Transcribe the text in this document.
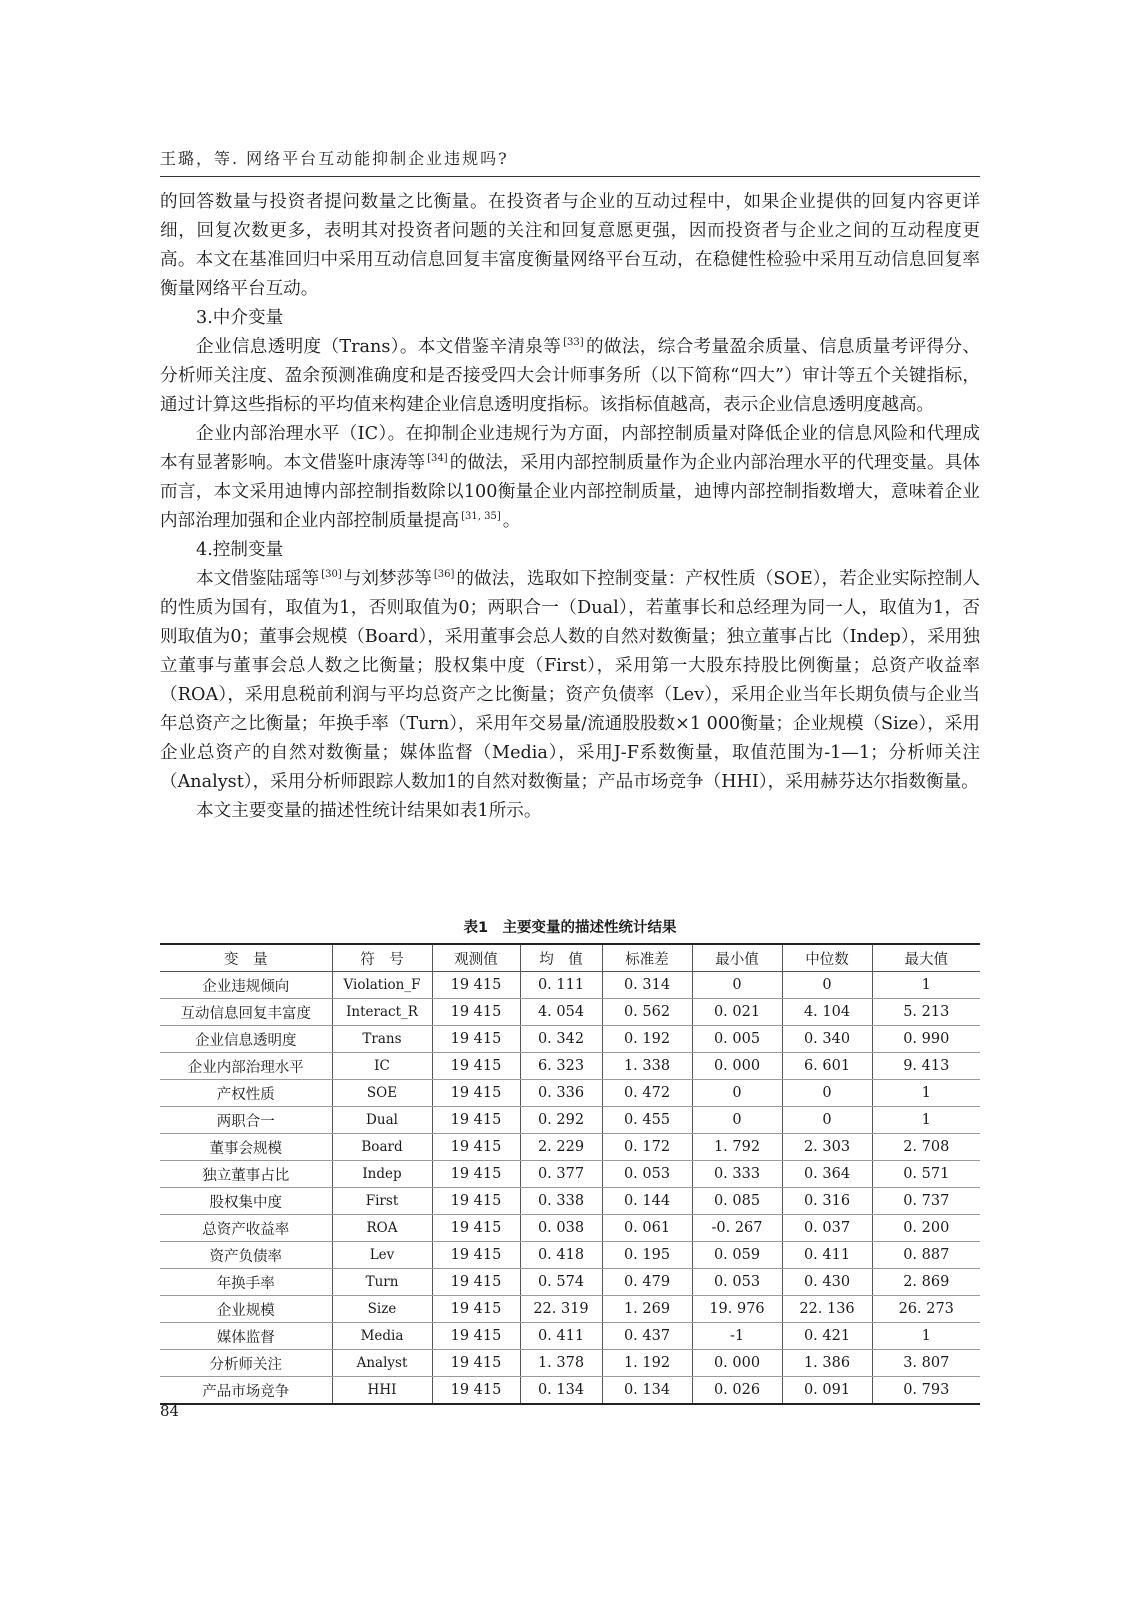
王璐，等. 网络平台互动能抑制企业违规吗?

的回答数量与投资者提问数量之比衡量。在投资者与企业的互动过程中，如果企业提供的回复内容更详细，回复次数更多，表明其对投资者问题的关注和回复意愿更强，因而投资者与企业之间的互动程度更高。本文在基准回归中采用互动信息回复丰富度衡量网络平台互动，在稳健性检验中采用互动信息回复率衡量网络平台互动。

3.中介变量

企业信息透明度（Trans）。本文借鉴辛清泉等 [33] 的做法，综合考量盈余质量、信息质量考评得分、分析师关注度、盈余预测准确度和是否接受四大会计师事务所（以下简称“四大”）审计等五个关键指标，通过计算这些指标的平均值来构建企业信息透明度指标。该指标值越高，表示企业信息透明度越高。

企业内部治理水平（IC）。在抑制企业违规行为方面，内部控制质量对降低企业的信息风险和代理成本有显著影响。本文借鉴叶康涛等 [34] 的做法，采用内部控制质量作为企业内部治理水平的代理变量。具体而言，本文采用迪博内部控制指数除以100衡量企业内部控制质量，迪博内部控制指数增大，意味着企业内部治理加强和企业内部控制质量提高 [31, 35] 。

4.控制变量

本文借鉴陆瑶等 [30] 与刘梦莎等 [36] 的做法，选取如下控制变量：产权性质（SOE），若企业实际控制人的性质为国有，取值为1，否则取值为0；两职合一（Dual），若董事长和总经理为同一人，取值为1，否则取值为0；董事会规模（Board），采用董事会总人数的自然对数衡量；独立董事占比（Indep），采用独立董事与董事会总人数之比衡量；股权集中度（First），采用第一大股东持股比例衡量；总资产收益率（ROA），采用息税前利润与平均总资产之比衡量；资产负债率（Lev），采用企业当年长期负债与企业当年总资产之比衡量；年换手率（Turn），采用年交易量/流通股股数×1 000衡量；企业规模（Size），采用企业总资产的自然对数衡量；媒体监督（Media），采用J-F系数衡量，取值范围为-1—1；分析师关注（Analyst），采用分析师跟踪人数加1的自然对数衡量；产品市场竞争（HHI），采用赫芬达尔指数衡量。

本文主要变量的描述性统计结果如表1所示。

表1　主要变量的描述性统计结果
变　量	符　号	观测值	均　值	标准差	最小值	中位数	最大值
企业违规倾向	Violation_F	19 415	0. 111	0. 314	0	0	1
互动信息回复丰富度	Interact_R	19 415	4. 054	0. 562	0. 021	4. 104	5. 213
企业信息透明度	Trans	19 415	0. 342	0. 192	0. 005	0. 340	0. 990
企业内部治理水平	IC	19 415	6. 323	1. 338	0. 000	6. 601	9. 413
产权性质	SOE	19 415	0. 336	0. 472	0	0	1
两职合一	Dual	19 415	0. 292	0. 455	0	0	1
董事会规模	Board	19 415	2. 229	0. 172	1. 792	2. 303	2. 708
独立董事占比	Indep	19 415	0. 377	0. 053	0. 333	0. 364	0. 571
股权集中度	First	19 415	0. 338	0. 144	0. 085	0. 316	0. 737
总资产收益率	ROA	19 415	0. 038	0. 061	-0. 267	0. 037	0. 200
资产负债率	Lev	19 415	0. 418	0. 195	0. 059	0. 411	0. 887
年换手率	Turn	19 415	0. 574	0. 479	0. 053	0. 430	2. 869
企业规模	Size	19 415	22. 319	1. 269	19. 976	22. 136	26. 273
媒体监督	Media	19 415	0. 411	0. 437	-1	0. 421	1
分析师关注	Analyst	19 415	1. 378	1. 192	0. 000	1. 386	3. 807
产品市场竞争	HHI	19 415	0. 134	0. 134	0. 026	0. 091	0. 793
84
